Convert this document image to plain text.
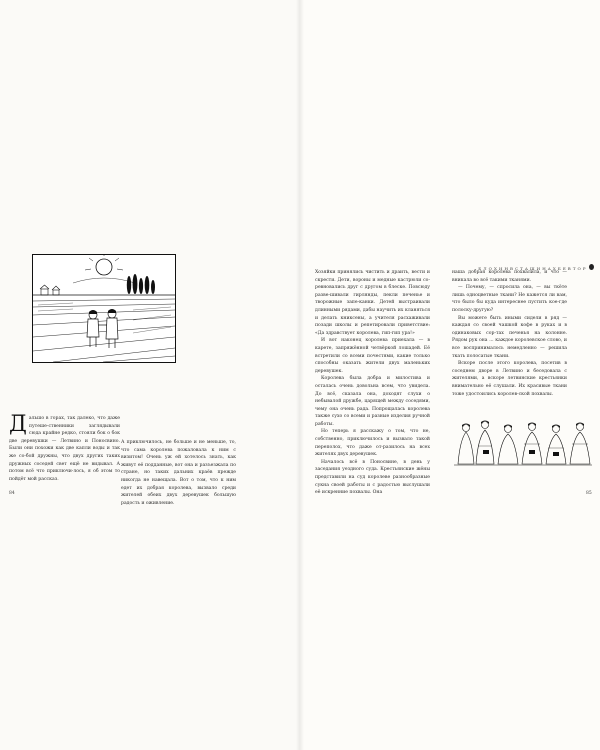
Дальшо в горах, так далеко, что даже путеше-ственники заглядывали сюда крайне редко, стояли бок о бок две деревушки — Летвино и Поносвино. Были они похожи как две капли воды и так же со-бой дружны, что двух других таких дружных соседей свет ещё не видывал. А потом всё что приключи-лось, я об этом то пойдёт мой рассказ.

А приключилось, не больше и не меньше, то, что сама королева пожаловала к ним с визитом! Очень уж ей хотелось знать, как живут её подданные, вот она и разъезжала по стране, но таких дальних краёв прежде никогда не навещала. Вот о том, что к ним едет их добрая королева, вызвало среди жителей обеих двух деревушек большую радость и оживление.

84
Б Л О Х И Н В С Т А Ш И Н А Х Б Е В Т О Р

Хозяйки принялись чистить и драить, вести и скрести. Дети, вороны и медные кастрюли со-ревновались друг с другом в блеске. Повсюду разве-шивали гирлянды, пекли печенье и творожные запе-канки. Детей выстраивали длинными рядами, дабы научить их кланяться и делать книксены, а учителя расхаживали позади школы и репетировали приветствие: «Да здравствует королева, гип-гип ура!»

И вот наконец королева приехала — в карете, запряжённой четвёркой лошадей. Её встретили со всеми почестями, какие только способны оказать жители двух маленьких деревушек.

Королева была добра и милостива и осталась очень довольна всем, что увидела. До всё, сказала она, доходят слухи о небывалой дружбе, царящей между соседями, чему она очень рада. Попрощалась королева также сухо со всеми и разные изделия ручной работы.

Но теперь я расскажу о том, что не, собственно, приключилось и вызвало такой переполох, что даже от-разилось на всех жителях двух деревушек.

Началось всё в Поносвине, в день у заседания уездного суда. Крестьянские жёны представили на суд королеве разнообразные сукна своей работы и с радостью выслушали её искренние похвалы. Она

наша добрая королева похвалила, и что — вникала во всё такими тканями.

— Почему, — спросила она, — вы ткёте лишь одноцветные ткани? Не кажется ли вам, что было бы куда интереснее пустить кое-где полоску-другую?

Вы можете быть иными сидели в ряд — каждая со своей чашкой кофе в руках и в одинаковых сор-тах печенья на колонне. Рядом рук она ... каждое королевское слово, и все воспринималось немедленно — решила ткать полосатые ткани.

Вскоре после этого королева, посетив в соседнем дворе в Летвино и беседовала с жителями, а вскоре летвинские крестьянки внимательно её слушали. Их красивые ткани тоже удостоились королев-ской похвалы.

85
